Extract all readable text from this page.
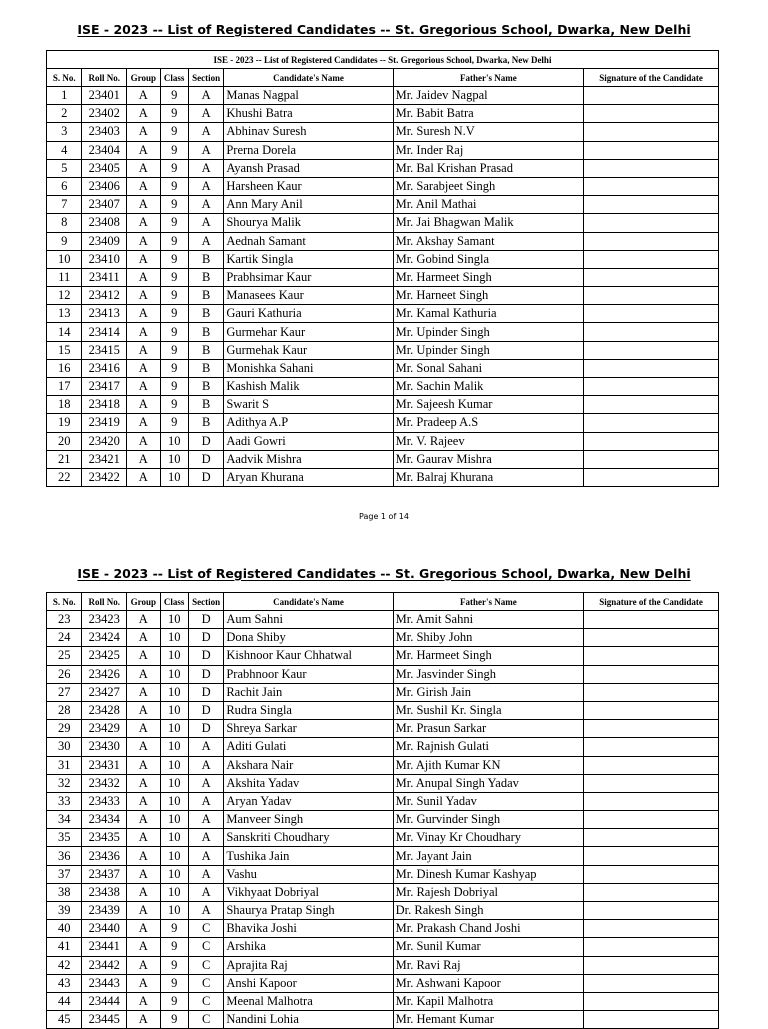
ISE - 2023 -- List of Registered Candidates -- St. Gregorious School, Dwarka, New Delhi
ISE - 2023 -- List of Registered Candidates -- St. Gregorious School, Dwarka, New Delhi							
S. No.	Roll No.	Group	Class	Section	Candidate's Name	Father's Name	Signature of the Candidate
1	23401	A	9	A	Manas Nagpal	Mr. Jaidev Nagpal	
2	23402	A	9	A	Khushi Batra	Mr. Babit Batra	
3	23403	A	9	A	Abhinav Suresh	Mr. Suresh N.V	
4	23404	A	9	A	Prerna Dorela	Mr. Inder Raj	
5	23405	A	9	A	Ayansh Prasad	Mr. Bal Krishan Prasad	
6	23406	A	9	A	Harsheen Kaur	Mr. Sarabjeet Singh	
7	23407	A	9	A	Ann Mary Anil	Mr. Anil Mathai	
8	23408	A	9	A	Shourya Malik	Mr. Jai Bhagwan Malik	
9	23409	A	9	A	Aednah Samant	Mr. Akshay Samant	
10	23410	A	9	B	Kartik Singla	Mr. Gobind Singla	
11	23411	A	9	B	Prabhsimar Kaur	Mr. Harmeet Singh	
12	23412	A	9	B	Manasees Kaur	Mr. Harneet Singh	
13	23413	A	9	B	Gauri Kathuria	Mr. Kamal Kathuria	
14	23414	A	9	B	Gurmehar Kaur	Mr. Upinder Singh	
15	23415	A	9	B	Gurmehak Kaur	Mr. Upinder Singh	
16	23416	A	9	B	Monishka Sahani	Mr. Sonal Sahani	
17	23417	A	9	B	Kashish Malik	Mr. Sachin Malik	
18	23418	A	9	B	Swarit S	Mr. Sajeesh Kumar	
19	23419	A	9	B	Adithya A.P	Mr. Pradeep A.S	
20	23420	A	10	D	Aadi Gowri	Mr. V. Rajeev	
21	23421	A	10	D	Aadvik Mishra	Mr. Gaurav Mishra	
22	23422	A	10	D	Aryan Khurana	Mr. Balraj Khurana	
Page 1 of 14
ISE - 2023 -- List of Registered Candidates -- St. Gregorious School, Dwarka, New Delhi
S. No.	Roll No.	Group	Class	Section	Candidate's Name	Father's Name	Signature of the Candidate
23	23423	A	10	D	Aum Sahni	Mr. Amit Sahni	
24	23424	A	10	D	Dona Shiby	Mr. Shiby John	
25	23425	A	10	D	Kishnoor Kaur Chhatwal	Mr. Harmeet Singh	
26	23426	A	10	D	Prabhnoor Kaur	Mr. Jasvinder Singh	
27	23427	A	10	D	Rachit Jain	Mr. Girish Jain	
28	23428	A	10	D	Rudra Singla	Mr. Sushil Kr. Singla	
29	23429	A	10	D	Shreya Sarkar	Mr. Prasun Sarkar	
30	23430	A	10	A	Aditi Gulati	Mr. Rajnish Gulati	
31	23431	A	10	A	Akshara Nair	Mr. Ajith Kumar KN	
32	23432	A	10	A	Akshita Yadav	Mr. Anupal Singh Yadav	
33	23433	A	10	A	Aryan Yadav	Mr. Sunil Yadav	
34	23434	A	10	A	Manveer Singh	Mr. Gurvinder Singh	
35	23435	A	10	A	Sanskriti Choudhary	Mr. Vinay Kr Choudhary	
36	23436	A	10	A	Tushika Jain	Mr. Jayant Jain	
37	23437	A	10	A	Vashu	Mr. Dinesh Kumar Kashyap	
38	23438	A	10	A	Vikhyaat Dobriyal	Mr. Rajesh Dobriyal	
39	23439	A	10	A	Shaurya Pratap Singh	Dr. Rakesh Singh	
40	23440	A	9	C	Bhavika Joshi	Mr. Prakash Chand Joshi	
41	23441	A	9	C	Arshika	Mr. Sunil Kumar	
42	23442	A	9	C	Aprajita Raj	Mr. Ravi Raj	
43	23443	A	9	C	Anshi Kapoor	Mr. Ashwani Kapoor	
44	23444	A	9	C	Meenal Malhotra	Mr. Kapil Malhotra	
45	23445	A	9	C	Nandini Lohia	Mr. Hemant Kumar	
